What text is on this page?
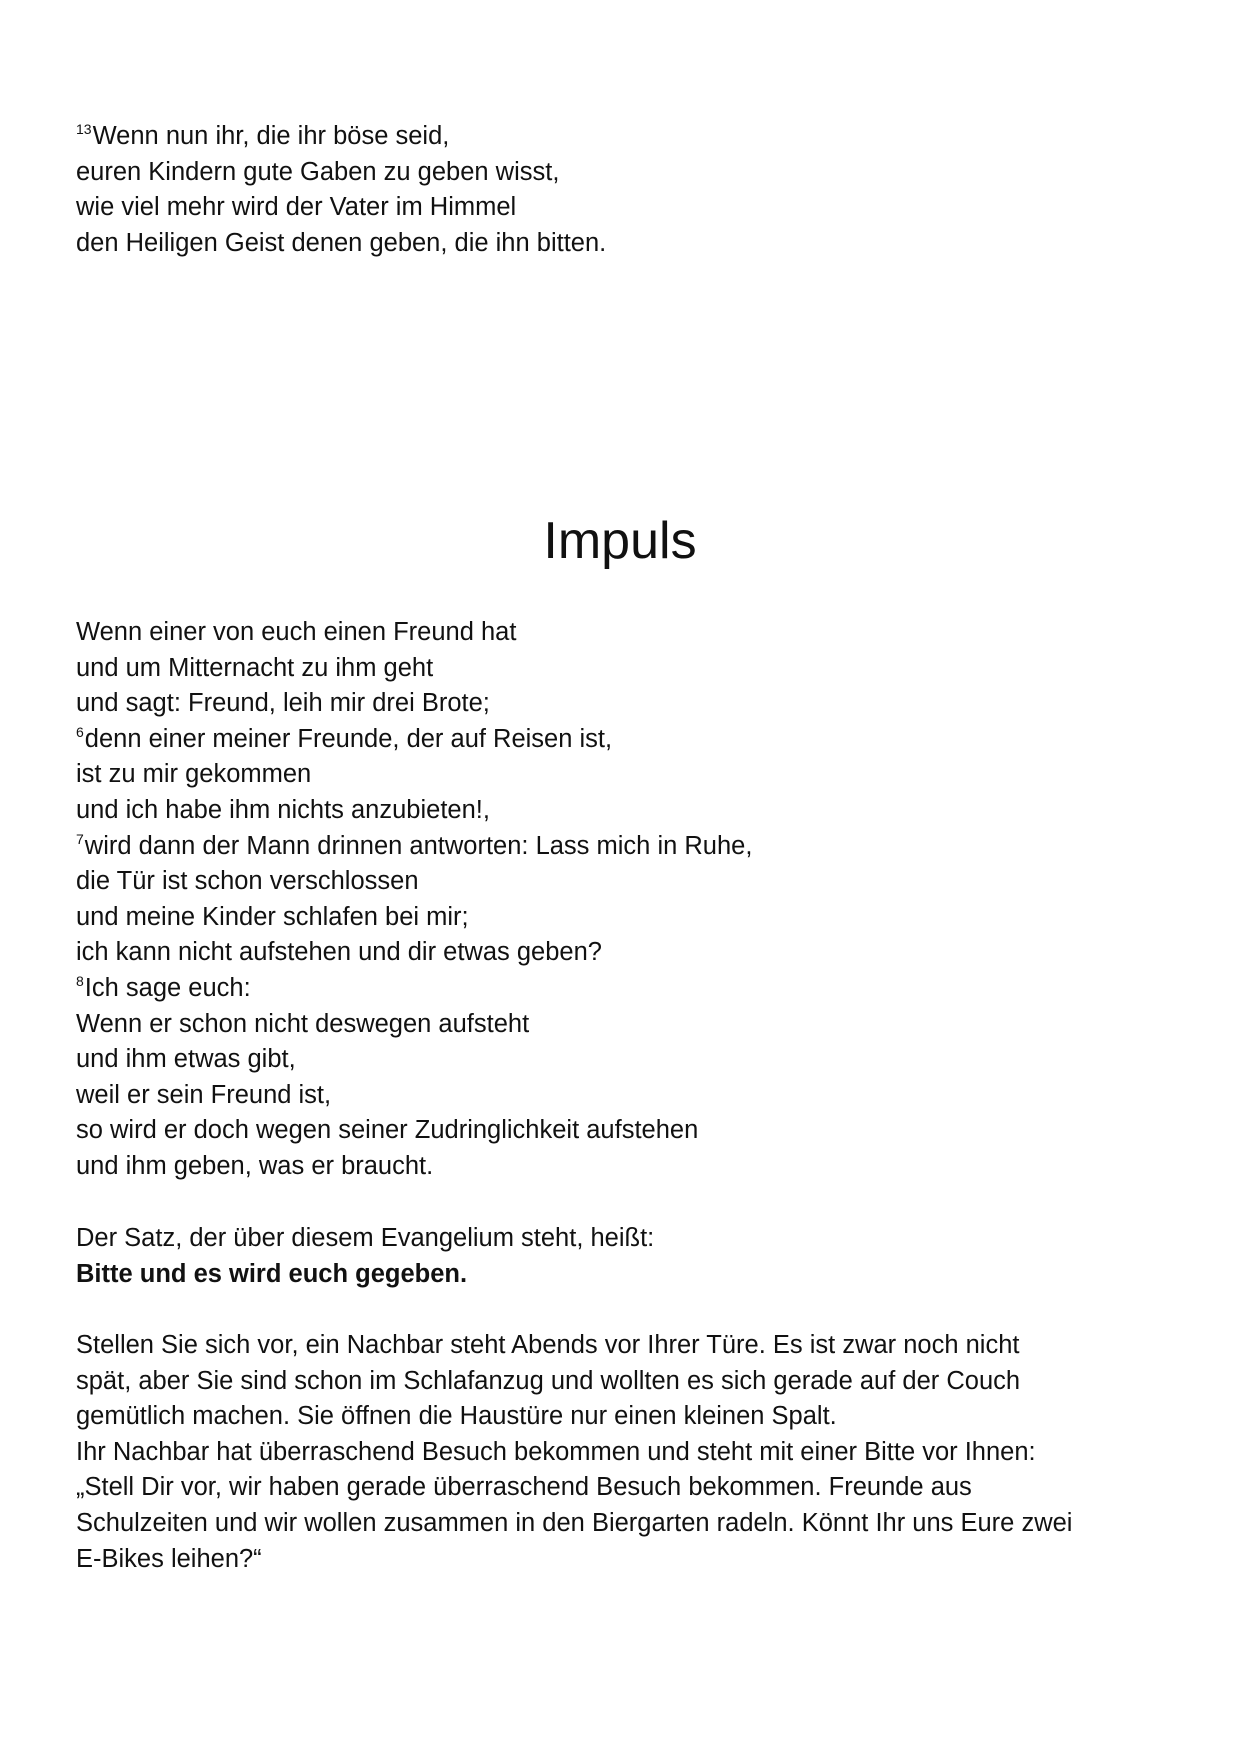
$^{13}$Wenn nun ihr, die ihr böse seid,
euren Kindern gute Gaben zu geben wisst,
wie viel mehr wird der Vater im Himmel
den Heiligen Geist denen geben, die ihn bitten.
Impuls
Wenn einer von euch einen Freund hat
und um Mitternacht zu ihm geht
und sagt: Freund, leih mir drei Brote;
$^6$denn einer meiner Freunde, der auf Reisen ist,
ist zu mir gekommen
und ich habe ihm nichts anzubieten!,
$^7$wird dann der Mann drinnen antworten: Lass mich in Ruhe,
die Tür ist schon verschlossen
und meine Kinder schlafen bei mir;
ich kann nicht aufstehen und dir etwas geben?
$^8$Ich sage euch:
Wenn er schon nicht deswegen aufsteht
und ihm etwas gibt,
weil er sein Freund ist,
so wird er doch wegen seiner Zudringlichkeit aufstehen
und ihm geben, was er braucht.
Der Satz, der über diesem Evangelium steht, heißt:
Bitte und es wird euch gegeben.
Stellen Sie sich vor, ein Nachbar steht Abends vor Ihrer Türe. Es ist zwar noch nicht
spät, aber Sie sind schon im Schlafanzug und wollten es sich gerade auf der Couch
gemütlich machen. Sie öffnen die Haustüre nur einen kleinen Spalt.
Ihr Nachbar hat überraschend Besuch bekommen und steht mit einer Bitte vor Ihnen:
„Stell Dir vor, wir haben gerade überraschend Besuch bekommen. Freunde aus
Schulzeiten und wir wollen zusammen in den Biergarten radeln. Könnt Ihr uns Eure zwei
E-Bikes leihen?“
